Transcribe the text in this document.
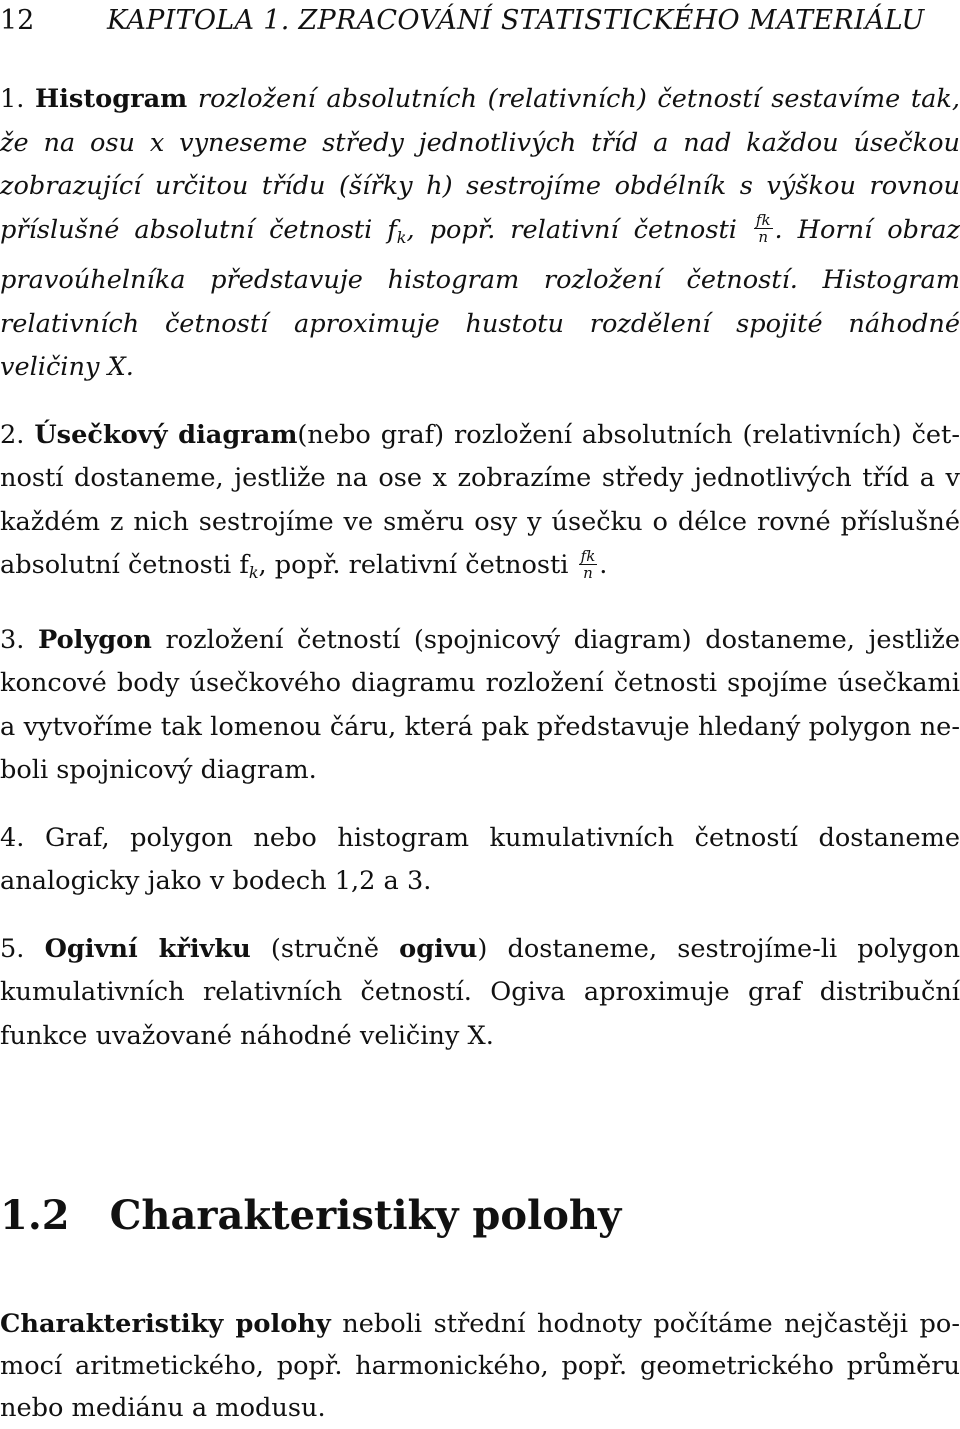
12	KAPITOLA 1. ZPRACOVÁNÍ STATISTICKÉHO MATERIÁLU
1. Histogram rozložení absolutních (relativních) četností sestavíme tak, že na osu x vyneseme středy jednotlivých tříd a nad každou úsečkou zobrazující určitou třídu (šířky h) sestrojíme obdélník s výškou rovnou příslušné absolutní četnosti $f_k$, popř. relativní četnosti $\frac{fk}{n}$ . Horní obraz pravoúhelníka představuje histogram rozložení četností. Histogram relativních četností aproximuje hustotu rozdělení spojité náhodné veličiny X.
2. Úsečkový diagram(nebo graf) rozložení absolutních (relativních) četností dostaneme, jestliže na ose x zobrazíme středy jednotlivých tříd a v každém z nich sestrojíme ve směru osy y úsečku o délce rovné příslušné absolutní četnosti $f_k$, popř. relativní četnosti $\frac{fk}{n}$ .
3. Polygon rozložení četností (spojnicový diagram) dostaneme, jestliže koncové body úsečkového diagramu rozložení četnosti spojíme úsečkami a vytvoříme tak lomenou čáru, která pak představuje hledaný polygon neboli spojnicový diagram.
4. Graf, polygon nebo histogram kumulativních četností dostaneme analogicky jako v bodech 1,2 a 3.
5. Ogivní křivku (stručně ogivu) dostaneme, sestrojíme-li polygon kumulativních relativních četností. Ogiva aproximuje graf distribuční funkce uvažované náhodné veličiny X.
1.2 Charakteristiky polohy
Charakteristiky polohy neboli střední hodnoty počítáme nejčastěji pomocí aritmetického, popř. harmonického, popř. geometrického průměru nebo mediánu a modusu.
